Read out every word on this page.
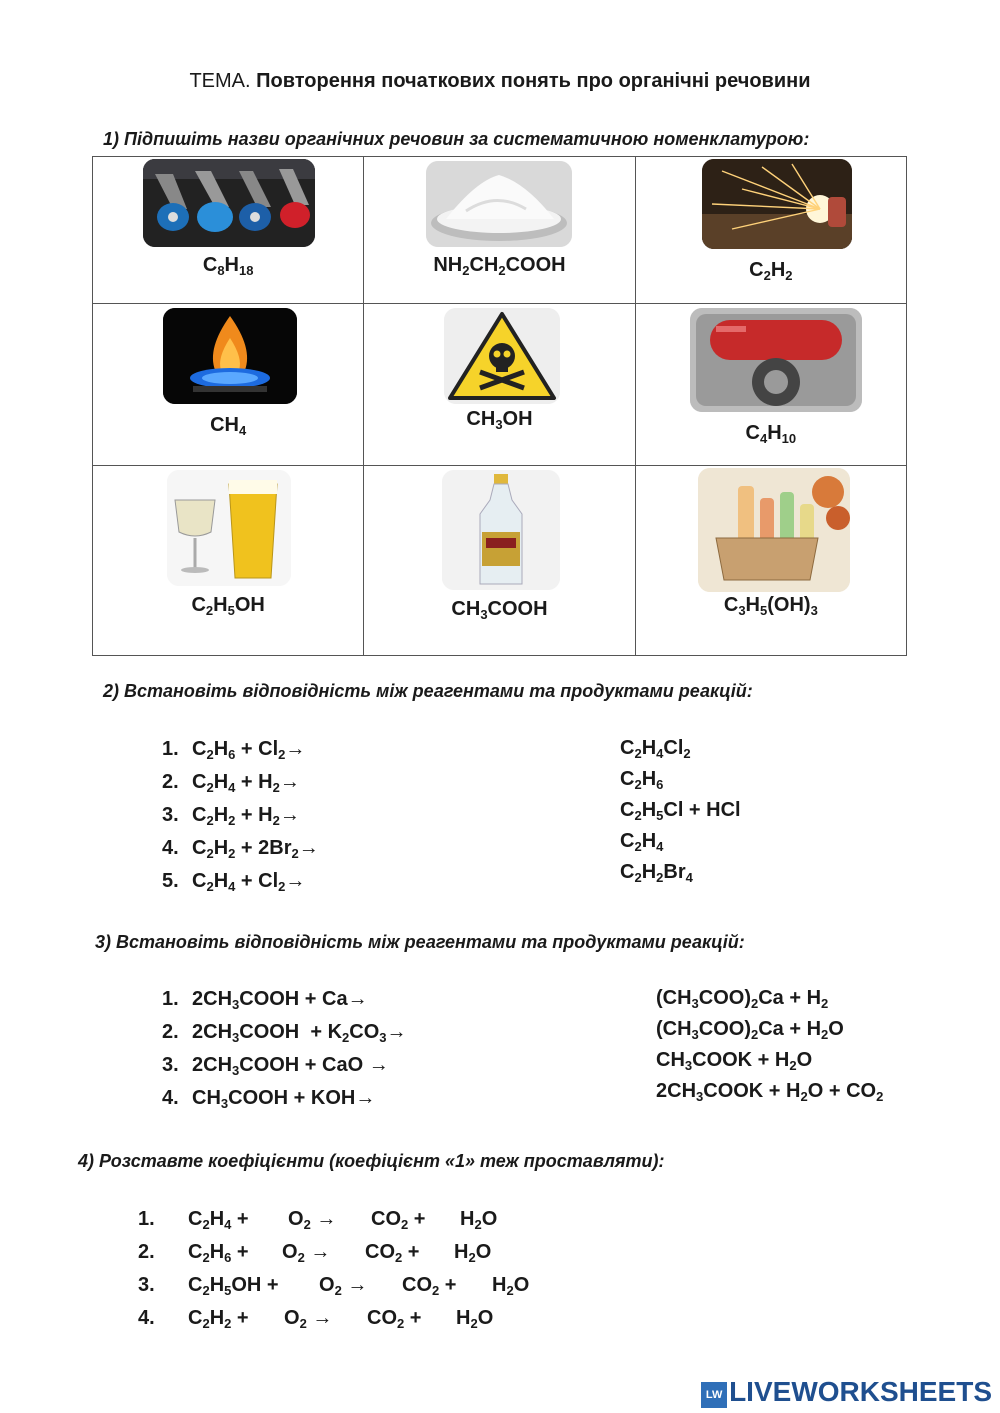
ТЕМА. Повторення початкових понять про органічні речовини
1) Підпишіть назви органічних речовин за систематичною номенклатурою:
$C_8H_{18}$	$NH_2CH_2COOH$	$C_2H_2$

$CH_4$	$CH_3OH$	$C_4H_{10}$

$C_2H_5OH$	$CH_3COOH$	$C_3H_5(OH)_3$
2) Встановіть відповідність між реагентами та продуктами реакцій:
1. $C_2H_6 + Cl_2\to$
2. $C_2H_4 + H_2\to$
3. $C_2H_2 + H_2\to$
4. $C_2H_2 + 2Br_2\to$
5. $C_2H_4 + Cl_2\to$
$C_2H_4Cl_2$
$C_2H_6$
$C_2H_5Cl$ + HCl
$C_2H_4$
$C_2H_2Br_4$
3) Встановіть відповідність між реагентами та продуктами реакцій:
1. $2CH_3COOH + Ca\to$
2. $2CH_3COOH + K_2CO_3\to$
3. $2CH_3COOH$ + CaO →
4. $CH_3COOH + KOH\to$
$(CH_3COO)_2Ca + H_2$
$(CH_3COO)_2Ca + H_2O$
$CH_3COOK + H_2O$
$2CH_3COOK + H_2O + CO_2$
4) Розставте коефіцієнти (коефіцієнт «1» теж проставляти):
1. $C_2H_4 + O_2 \to CO_2 + H_2O$
2. $C_2H_6 + O_2 \to CO_2 + H_2O$
3. $C_2H_5OH + O_2 \to CO_2 + H_2O$
4. $C_2H_2 + O_2 \to CO_2 + H_2O$
LW LIVEWORKSHEETS
